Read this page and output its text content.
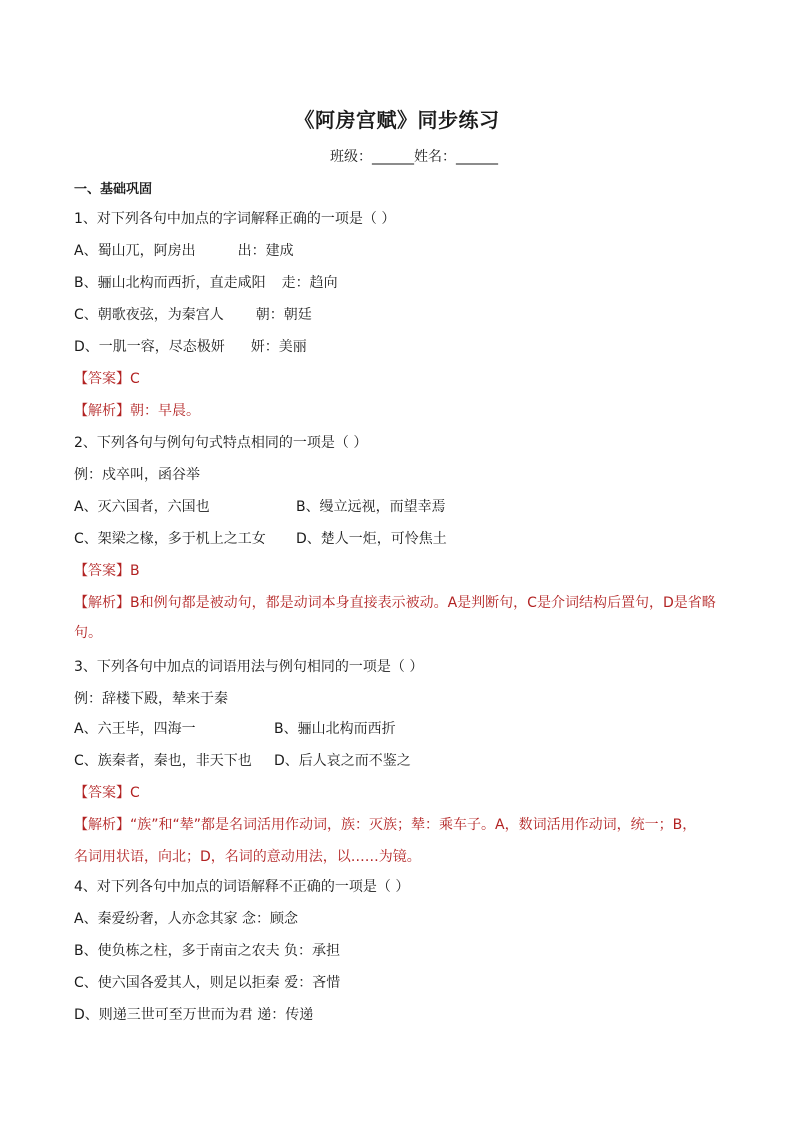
《阿房宫赋》同步练习
班级：______姓名：______
一、基础巩固
1、对下列各句中加点的字词解释正确的一项是（ ）
A、蜀山兀，阿房出	出：建成
B、骊山北构而西折，直走咸阳 走：趋向
C、朝歌夜弦，为秦宫人 朝：朝廷
D、一肌一容，尽态极妍 妍：美丽
【答案】C
【解析】朝：早晨。
2、下列各句与例句句式特点相同的一项是（ ）
例：戍卒叫，函谷举
A、灭六国者，六国也	B、缦立远视，而望幸焉
C、架梁之椽，多于机上之工女 D、楚人一炬，可怜焦土
【答案】B
【解析】B和例句都是被动句，都是动词本身直接表示被动。A是判断句，C是介词结构后置句，D是省略
句。
3、下列各句中加点的词语用法与例句相同的一项是（ ）
例：辞楼下殿，辇来于秦
A、六王毕，四海一	B、骊山北构而西折
C、族秦者，秦也，非天下也 D、后人哀之而不鉴之
【答案】C
【解析】“族”和“辇”都是名词活用作动词，族：灭族；辇：乘车子。A，数词活用作动词，统一；B，
名词用状语，向北；D，名词的意动用法，以……为镜。
4、对下列各句中加点的词语解释不正确的一项是（ ）
A、秦爱纷奢，人亦念其家 念：顾念
B、使负栋之柱，多于南亩之农夫 负：承担
C、使六国各爱其人，则足以拒秦 爱：吝惜
D、则递三世可至万世而为君 递：传递
